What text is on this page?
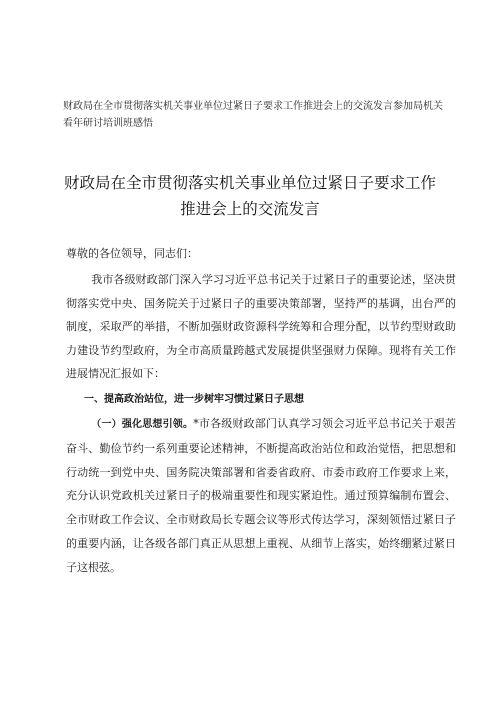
财政局在全市贯彻落实机关事业单位过紧日子要求工作推进会上的交流发言参加局机关看年研讨培训班感悟
财政局在全市贯彻落实机关事业单位过紧日子要求工作
推进会上的交流发言
尊敬的各位领导，同志们：
我市各级财政部门深入学习习近平总书记关于过紧日子的重要论述，坚决贯彻落实党中央、国务院关于过紧日子的重要决策部署，坚持严的基调，出台严的制度，采取严的举措，不断加强财政资源科学统筹和合理分配，以节约型财政助力建设节约型政府，为全市高质量跨越式发展提供坚强财力保障。现将有关工作进展情况汇报如下：
一、提高政治站位，进一步树牢习惯过紧日子思想
（一）强化思想引领。*市各级财政部门认真学习领会习近平总书记关于艰苦奋斗、勤俭节约一系列重要论述精神，不断提高政治站位和政治觉悟，把思想和行动统一到党中央、国务院决策部署和省委省政府、市委市政府工作要求上来，充分认识党政机关过紧日子的极端重要性和现实紧迫性。通过预算编制布置会、全市财政工作会议、全市财政局长专题会议等形式传达学习，深刻领悟过紧日子的重要内涵，让各级各部门真正从思想上重视、从细节上落实，始终绷紧过紧日子这根弦。
